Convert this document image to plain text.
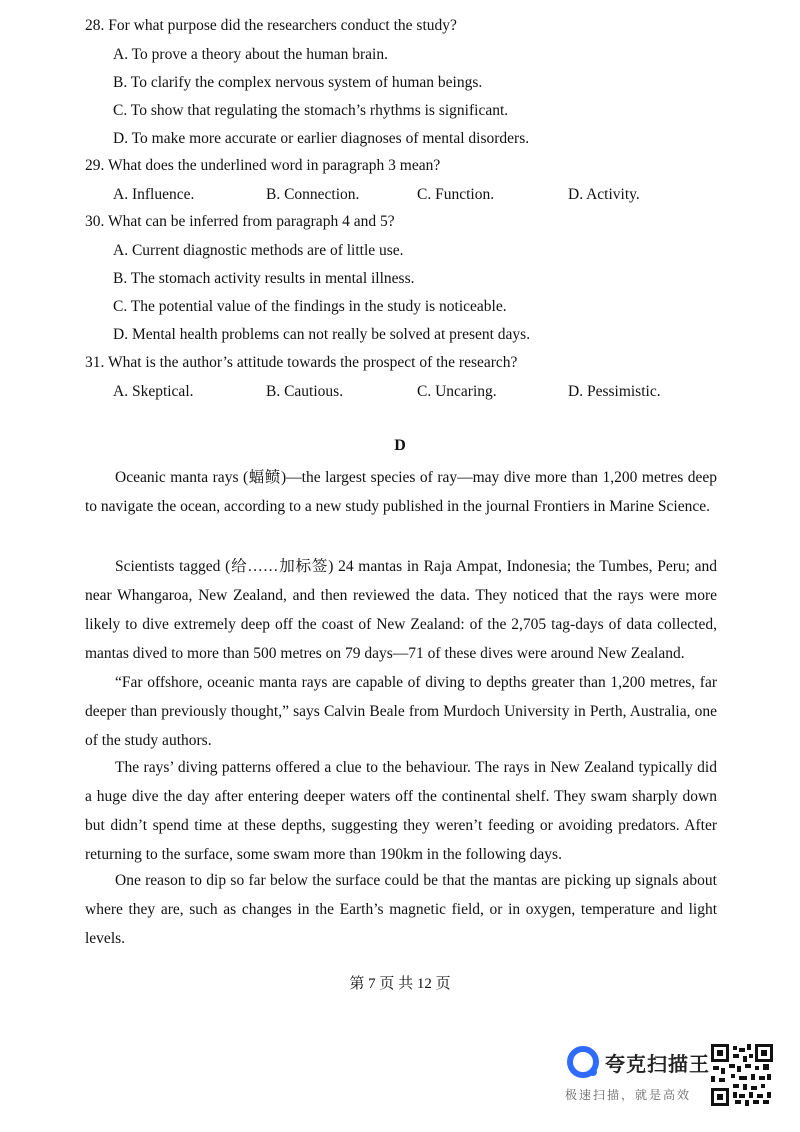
28. For what purpose did the researchers conduct the study?
A. To prove a theory about the human brain.
B. To clarify the complex nervous system of human beings.
C. To show that regulating the stomach’s rhythms is significant.
D. To make more accurate or earlier diagnoses of mental disorders.
29. What does the underlined word in paragraph 3 mean?
A. Influence.	B. Connection.	C. Function.	D. Activity.
30. What can be inferred from paragraph 4 and 5?
A. Current diagnostic methods are of little use.
B. The stomach activity results in mental illness.
C. The potential value of the findings in the study is noticeable.
D. Mental health problems can not really be solved at present days.
31. What is the author’s attitude towards the prospect of the research?
A. Skeptical.	B. Cautious.	C. Uncaring.	D. Pessimistic.
D

Oceanic manta rays (蝠鲼)—the largest species of ray—may dive more than 1,200 metres deep to navigate the ocean, according to a new study published in the journal Frontiers in Marine Science.

Scientists tagged (给……加标签) 24 mantas in Raja Ampat, Indonesia; the Tumbes, Peru; and near Whangaroa, New Zealand, and then reviewed the data. They noticed that the rays were more likely to dive extremely deep off the coast of New Zealand: of the 2,705 tag-days of data collected, mantas dived to more than 500 metres on 79 days—71 of these dives were around New Zealand.

“Far offshore, oceanic manta rays are capable of diving to depths greater than 1,200 metres, far deeper than previously thought,” says Calvin Beale from Murdoch University in Perth, Australia, one of the study authors.

The rays’ diving patterns offered a clue to the behaviour. The rays in New Zealand typically did a huge dive the day after entering deeper waters off the continental shelf. They swam sharply down but didn’t spend time at these depths, suggesting they weren’t feeding or avoiding predators. After returning to the surface, some swam more than 190km in the following days.

One reason to dip so far below the surface could be that the mantas are picking up signals about where they are, such as changes in the Earth’s magnetic field, or in oxygen, temperature and light levels.

第 7 页 共 12 页
夸克扫描王
极速扫描，就是高效
